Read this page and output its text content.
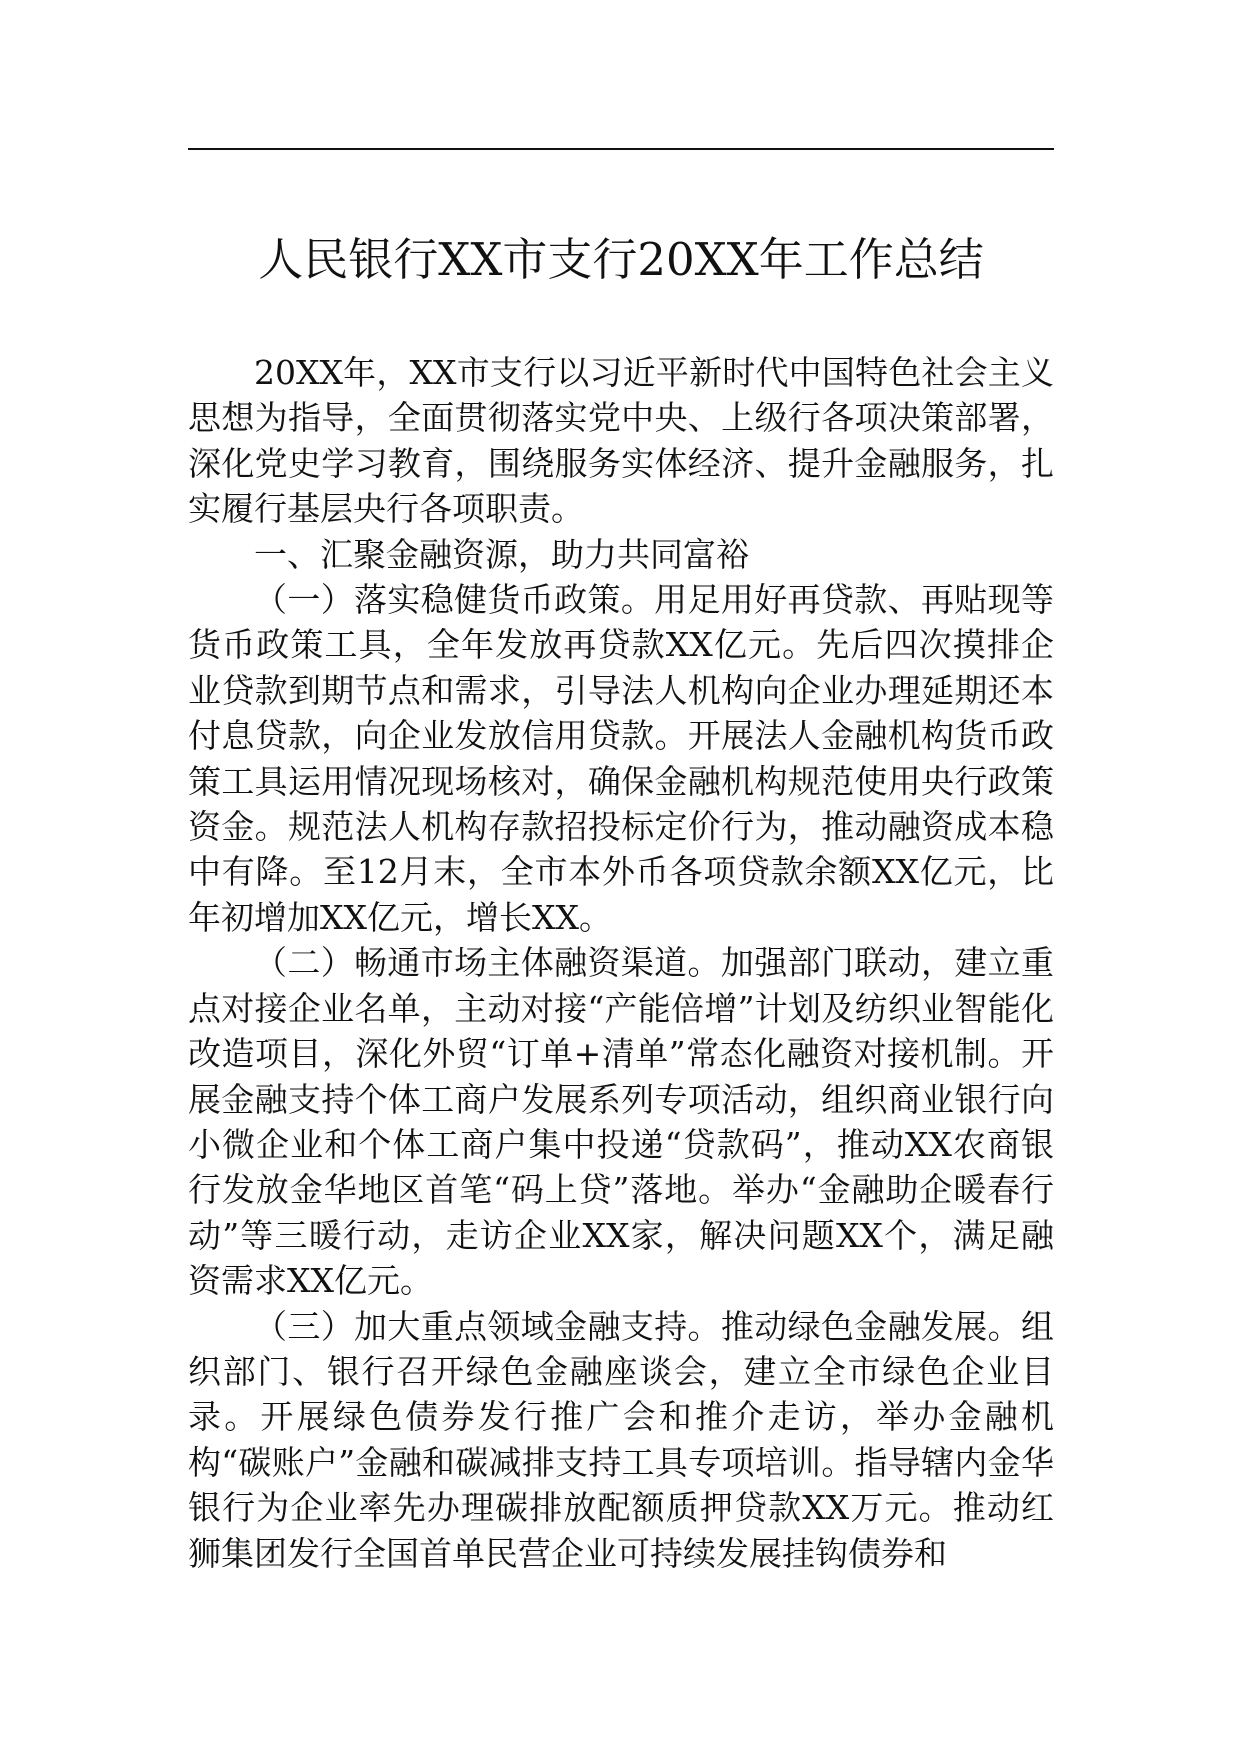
人民银行XX市支行20XX年工作总结

20XX年，XX市支行以习近平新时代中国特色社会主义思想为指导，全面贯彻落实党中央、上级行各项决策部署，深化党史学习教育，围绕服务实体经济、提升金融服务，扎实履行基层央行各项职责。

一、汇聚金融资源，助力共同富裕

（一）落实稳健货币政策。用足用好再贷款、再贴现等货币政策工具，全年发放再贷款XX亿元。先后四次摸排企业贷款到期节点和需求，引导法人机构向企业办理延期还本付息贷款，向企业发放信用贷款。开展法人金融机构货币政策工具运用情况现场核对，确保金融机构规范使用央行政策资金。规范法人机构存款招投标定价行为，推动融资成本稳中有降。至12月末，全市本外币各项贷款余额XX亿元，比年初增加XX亿元，增长XX。

（二）畅通市场主体融资渠道。加强部门联动，建立重点对接企业名单，主动对接“产能倍增”计划及纺织业智能化改造项目，深化外贸“订单+清单”常态化融资对接机制。开展金融支持个体工商户发展系列专项活动，组织商业银行向小微企业和个体工商户集中投递“贷款码”，推动XX农商银行发放金华地区首笔“码上贷”落地。举办“金融助企暖春行动”等三暖行动，走访企业XX家，解决问题XX个，满足融资需求XX亿元。

（三）加大重点领域金融支持。推动绿色金融发展。组织部门、银行召开绿色金融座谈会，建立全市绿色企业目录。开展绿色债券发行推广会和推介走访，举办金融机构“碳账户”金融和碳减排支持工具专项培训。指导辖内金华银行为企业率先办理碳排放配额质押贷款XX万元。推动红狮集团发行全国首单民营企业可持续发展挂钩债券和
